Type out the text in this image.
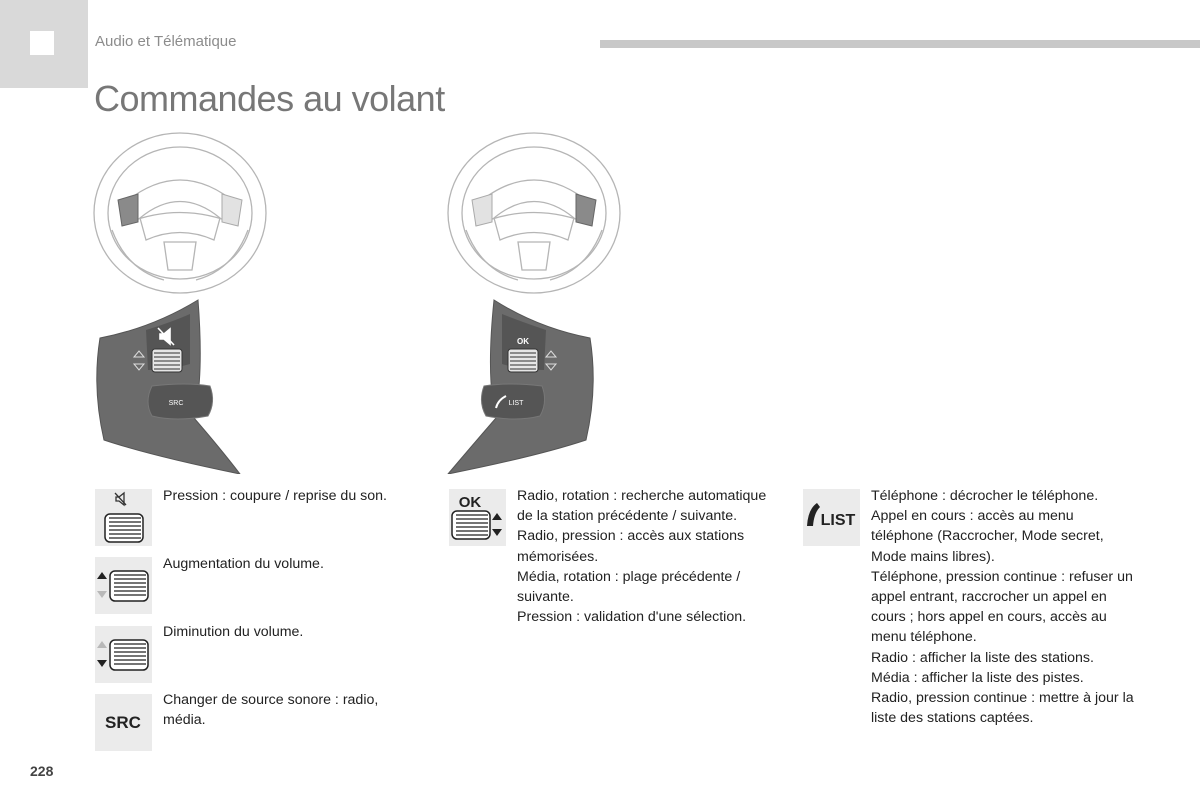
Audio et Télématique
Commandes au volant
SRC
OK
LIST

Pression : coupure / reprise du son.

Augmentation du volume.

Diminution du volume.

SRC

Changer de source sonore : radio, média.

OK	Radio, rotation : recherche automatique de la station précédente / suivante.

Radio, pression : accès aux stations mémorisées.

Média, rotation : plage précédente / suivante.

Pression : validation d'une sélection.

LIST

Téléphone : décrocher le téléphone.

Appel en cours : accès au menu téléphone (Raccrocher, Mode secret, Mode mains libres).

Téléphone, pression continue : refuser un appel entrant, raccrocher un appel en cours ; hors appel en cours, accès au menu téléphone.

Radio : afficher la liste des stations.

Média : afficher la liste des pistes.

Radio, pression continue : mettre à jour la liste des stations captées.

228
